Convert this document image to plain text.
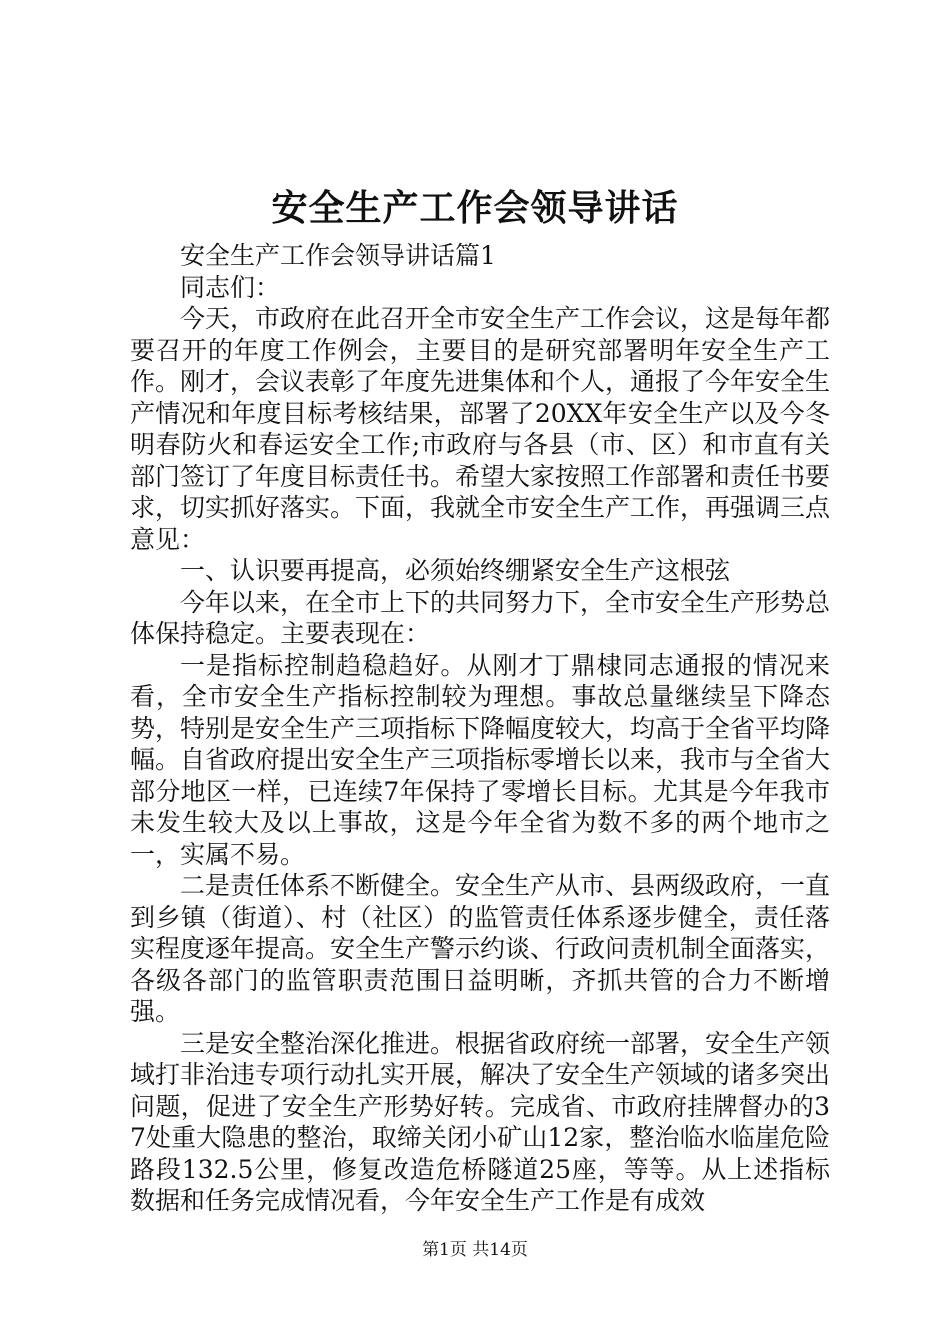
安全生产工作会领导讲话

安全生产工作会领导讲话篇1

同志们：

今天，市政府在此召开全市安全生产工作会议，这是每年都要召开的年度工作例会，主要目的是研究部署明年安全生产工作。刚才，会议表彰了年度先进集体和个人，通报了今年安全生产情况和年度目标考核结果，部署了20XX年安全生产以及今冬明春防火和春运安全工作;市政府与各县（市、区）和市直有关部门签订了年度目标责任书。希望大家按照工作部署和责任书要求，切实抓好落实。下面，我就全市安全生产工作，再强调三点意见：

一、认识要再提高，必须始终绷紧安全生产这根弦

今年以来，在全市上下的共同努力下，全市安全生产形势总体保持稳定。主要表现在：

一是指标控制趋稳趋好。从刚才丁鼎棣同志通报的情况来看，全市安全生产指标控制较为理想。事故总量继续呈下降态势，特别是安全生产三项指标下降幅度较大，均高于全省平均降幅。自省政府提出安全生产三项指标零增长以来，我市与全省大部分地区一样，已连续7年保持了零增长目标。尤其是今年我市未发生较大及以上事故，这是今年全省为数不多的两个地市之一，实属不易。

二是责任体系不断健全。安全生产从市、县两级政府，一直到乡镇（街道）、村（社区）的监管责任体系逐步健全，责任落实程度逐年提高。安全生产警示约谈、行政问责机制全面落实，各级各部门的监管职责范围日益明晰，齐抓共管的合力不断增强。

三是安全整治深化推进。根据省政府统一部署，安全生产领域打非治违专项行动扎实开展，解决了安全生产领域的诸多突出问题，促进了安全生产形势好转。完成省、市政府挂牌督办的37处重大隐患的整治，取缔关闭小矿山12家，整治临水临崖危险路段132.5公里，修复改造危桥隧道25座，等等。从上述指标数据和任务完成情况看，今年安全生产工作是有成效

第1页 共14页
